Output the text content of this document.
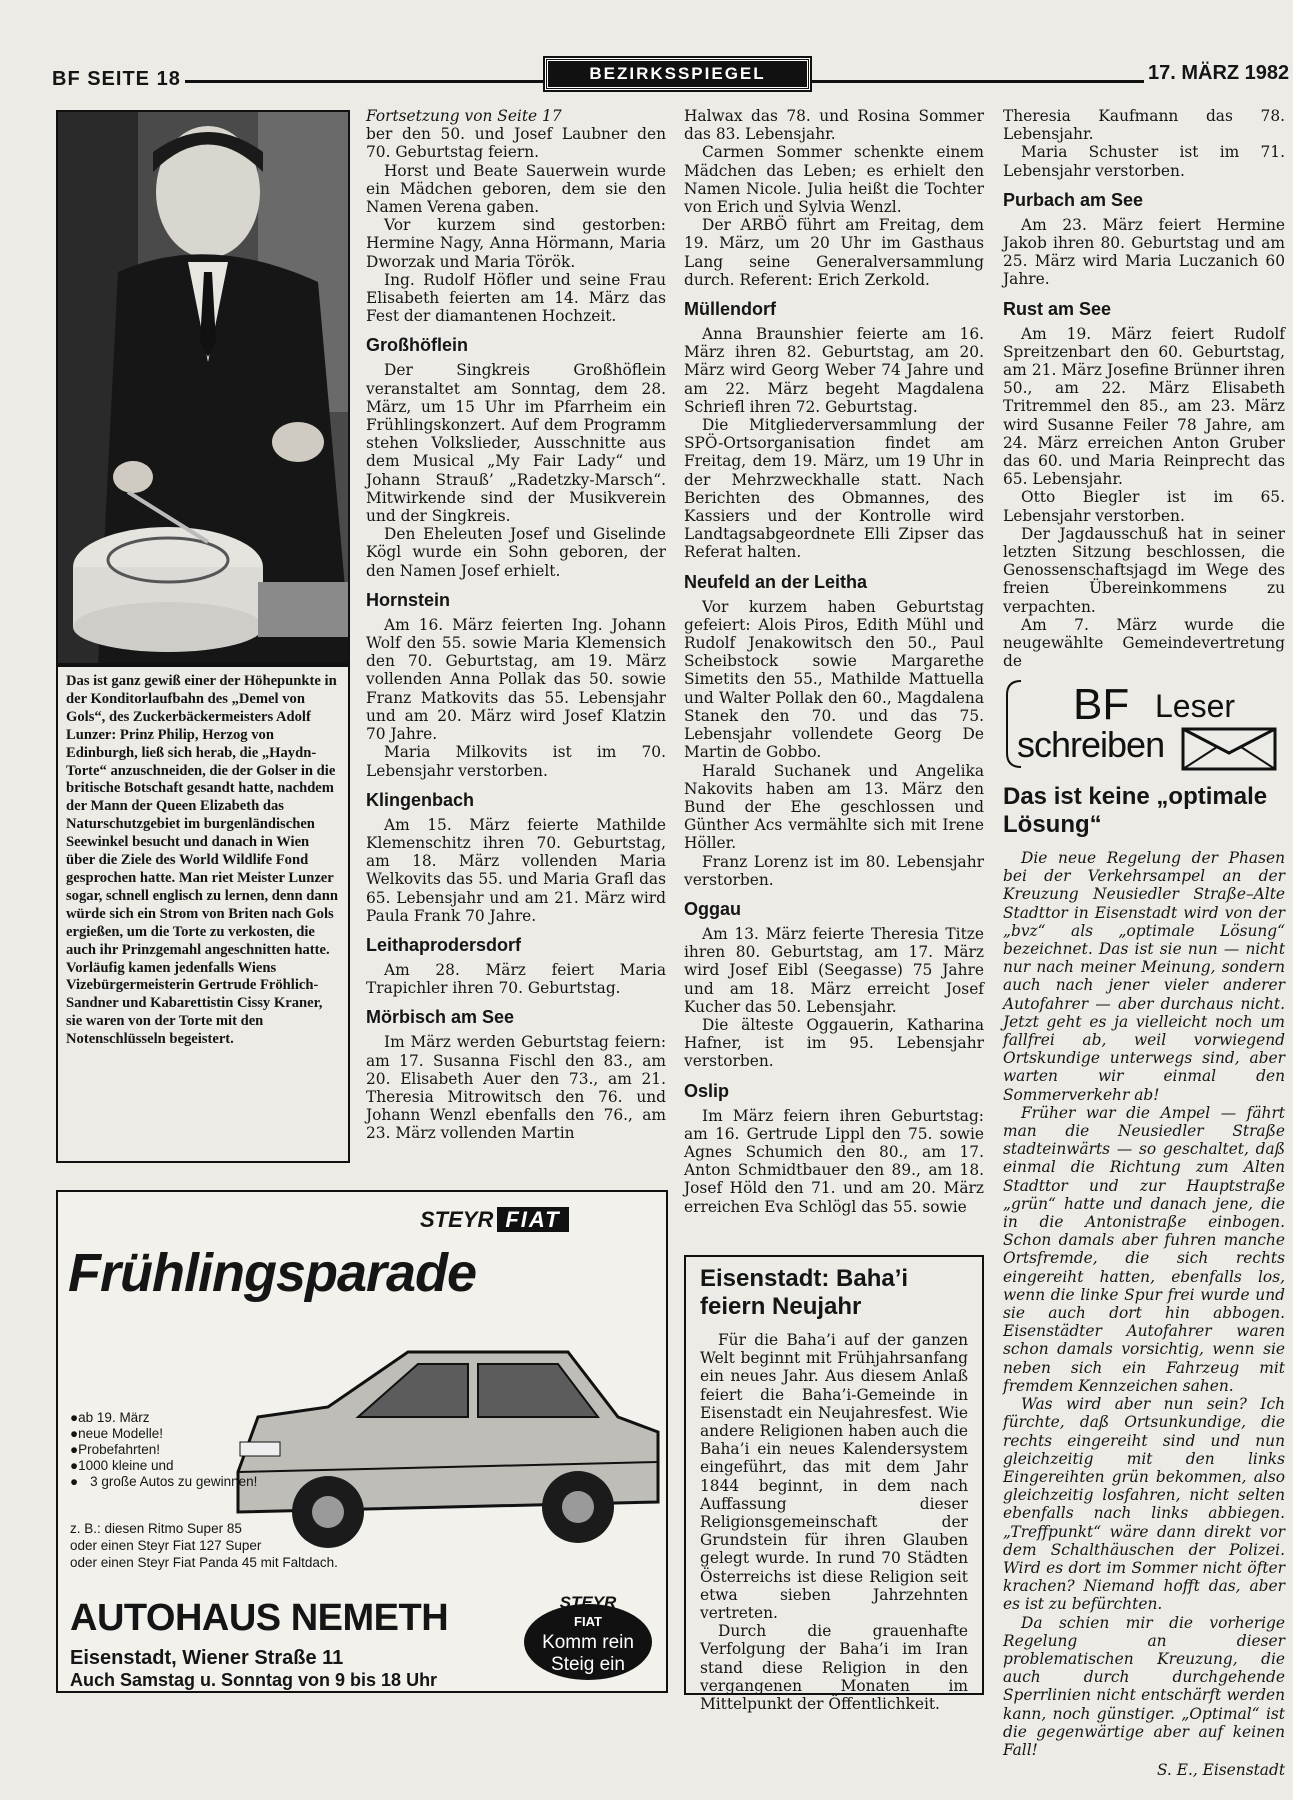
BF SEITE 18	BEZIRKSSPIEGEL	17. MÄRZ 1982
Das ist ganz gewiß einer der Höhepunkte in der Konditorlaufbahn des „Demel von Gols“, des Zuckerbäckermeisters Adolf Lunzer: Prinz Philip, Herzog von Edinburgh, ließ sich herab, die „Haydn-Torte“ anzuschneiden, die der Golser in die britische Botschaft gesandt hatte, nachdem der Mann der Queen Elizabeth das Naturschutzgebiet im burgenländischen Seewinkel besucht und danach in Wien über die Ziele des World Wildlife Fond gesprochen hatte. Man riet Meister Lunzer sogar, schnell englisch zu lernen, denn dann würde sich ein Strom von Briten nach Gols ergießen, um die Torte zu verkosten, die auch ihr Prinzgemahl angeschnitten hatte. Vorläufig kamen jedenfalls Wiens Vizebürgermeisterin Gertrude Fröhlich-Sandner und Kabarettistin Cissy Kraner, sie waren von der Torte mit den Notenschlüsseln begeistert.

Fortsetzung von Seite 17

ber den 50. und Josef Laubner den 70. Geburtstag feiern.

Horst und Beate Sauerwein wurde ein Mädchen geboren, dem sie den Namen Verena gaben.

Vor kurzem sind gestorben: Hermine Nagy, Anna Hörmann, Maria Dworzak und Maria Török.

Ing. Rudolf Höfler und seine Frau Elisabeth feierten am 14. März das Fest der diamantenen Hochzeit.

Großhöflein

Der Singkreis Großhöflein veranstaltet am Sonntag, dem 28. März, um 15 Uhr im Pfarrheim ein Frühlingskonzert. Auf dem Programm stehen Volkslieder, Ausschnitte aus dem Musical „My Fair Lady“ und Johann Strauß’ „Radetzky-Marsch“. Mitwirkende sind der Musikverein und der Singkreis.

Den Eheleuten Josef und Giselinde Kögl wurde ein Sohn geboren, der den Namen Josef erhielt.

Hornstein

Am 16. März feierten Ing. Johann Wolf den 55. sowie Maria Klemensich den 70. Geburtstag, am 19. März vollenden Anna Pollak das 50. sowie Franz Matkovits das 55. Lebensjahr und am 20. März wird Josef Klatzin 70 Jahre.

Maria Milkovits ist im 70. Lebensjahr verstorben.

Klingenbach

Am 15. März feierte Mathilde Klemenschitz ihren 70. Geburtstag, am 18. März vollenden Maria Welkovits das 55. und Maria Grafl das 65. Lebensjahr und am 21. März wird Paula Frank 70 Jahre.

Leithaprodersdorf

Am 28. März feiert Maria Trapichler ihren 70. Geburtstag.

Mörbisch am See

Im März werden Geburtstag feiern: am 17. Susanna Fischl den 83., am 20. Elisabeth Auer den 73., am 21. Theresia Mitrowitsch den 76. und Johann Wenzl ebenfalls den 76., am 23. März vollenden Martin

Halwax das 78. und Rosina Sommer das 83. Lebensjahr.

Carmen Sommer schenkte einem Mädchen das Leben; es erhielt den Namen Nicole. Julia heißt die Tochter von Erich und Sylvia Wenzl.

Der ARBÖ führt am Freitag, dem 19. März, um 20 Uhr im Gasthaus Lang seine Generalversammlung durch. Referent: Erich Zerkold.

Müllendorf

Anna Braunshier feierte am 16. März ihren 82. Geburtstag, am 20. März wird Georg Weber 74 Jahre und am 22. März begeht Magdalena Schriefl ihren 72. Geburtstag.

Die Mitgliederversammlung der SPÖ-Ortsorganisation findet am Freitag, dem 19. März, um 19 Uhr in der Mehrzweckhalle statt. Nach Berichten des Obmannes, des Kassiers und der Kontrolle wird Landtagsabgeordnete Elli Zipser das Referat halten.

Neufeld an der Leitha

Vor kurzem haben Geburtstag gefeiert: Alois Piros, Edith Mühl und Rudolf Jenakowitsch den 50., Paul Scheibstock sowie Margarethe Simetits den 55., Mathilde Mattuella und Walter Pollak den 60., Magdalena Stanek den 70. und das 75. Lebensjahr vollendete Georg De Martin de Gobbo.

Harald Suchanek und Angelika Nakovits haben am 13. März den Bund der Ehe geschlossen und Günther Acs vermählte sich mit Irene Höller.

Franz Lorenz ist im 80. Lebensjahr verstorben.

Oggau

Am 13. März feierte Theresia Titze ihren 80. Geburtstag, am 17. März wird Josef Eibl (Seegasse) 75 Jahre und am 18. März erreicht Josef Kucher das 50. Lebensjahr.

Die älteste Oggauerin, Katharina Hafner, ist im 95. Lebensjahr verstorben.

Oslip

Im März feiern ihren Geburtstag: am 16. Gertrude Lippl den 75. sowie Agnes Schumich den 80., am 17. Anton Schmidtbauer den 89., am 18. Josef Höld den 71. und am 20. März erreichen Eva Schlögl das 55. sowie

Theresia Kaufmann das 78. Lebensjahr.

Maria Schuster ist im 71. Lebensjahr verstorben.

Purbach am See

Am 23. März feiert Hermine Jakob ihren 80. Geburtstag und am 25. März wird Maria Luczanich 60 Jahre.

Rust am See

Am 19. März feiert Rudolf Spreitzenbart den 60. Geburtstag, am 21. März Josefine Brünner ihren 50., am 22. März Elisabeth Tritremmel den 85., am 23. März wird Susanne Feiler 78 Jahre, am 24. März erreichen Anton Gruber das 60. und Maria Reinprecht das 65. Lebensjahr.

Otto Biegler ist im 65. Lebensjahr verstorben.

Der Jagdausschuß hat in seiner letzten Sitzung beschlossen, die Genossenschaftsjagd im Wege des freien Übereinkommens zu verpachten.

Am 7. März wurde die neugewählte Gemeindevertretung de

BF Leser
schreiben
Das ist keine „optimale Lösung“

Die neue Regelung der Phasen bei der Verkehrsampel an der Kreuzung Neusiedler Straße–Alte Stadttor in Eisenstadt wird von der „bvz“ als „optimale Lösung“ bezeichnet. Das ist sie nun — nicht nur nach meiner Meinung, sondern auch nach jener vieler anderer Autofahrer — aber durchaus nicht. Jetzt geht es ja vielleicht noch um fallfrei ab, weil vorwiegend Ortskundige unterwegs sind, aber warten wir einmal den Sommerverkehr ab!

Früher war die Ampel — fährt man die Neusiedler Straße stadteinwärts — so geschaltet, daß einmal die Richtung zum Alten Stadttor und zur Hauptstraße „grün“ hatte und danach jene, die in die Antonistraße einbogen. Schon damals aber fuhren manche Ortsfremde, die sich rechts eingereiht hatten, ebenfalls los, wenn die linke Spur frei wurde und sie auch dort hin abbogen. Eisenstädter Autofahrer waren schon damals vorsichtig, wenn sie neben sich ein Fahrzeug mit fremdem Kennzeichen sahen.

Was wird aber nun sein? Ich fürchte, daß Ortsunkundige, die rechts eingereiht sind und nun gleichzeitig mit den links Eingereihten grün bekommen, also gleichzeitig losfahren, nicht selten ebenfalls nach links abbiegen. „Treffpunkt“ wäre dann direkt vor dem Schalthäuschen der Polizei. Wird es dort im Sommer nicht öfter krachen? Niemand hofft das, aber es ist zu befürchten.

Da schien mir die vorherige Regelung an dieser problematischen Kreuzung, die auch durch durchgehende Sperrlinien nicht entschärft werden kann, noch günstiger. „Optimal“ ist die gegenwärtige aber auf keinen Fall!

S. E., Eisenstadt
STEYR FIAT
Frühlingsparade
● ab 19. März
● neue Modelle!
● Probefahrten!
● 1000 kleine und
● 3 große Autos zu gewinnen!
z. B.: diesen Ritmo Super 85
oder einen Steyr Fiat 127 Super
oder einen Steyr Fiat Panda 45 mit Faltdach.
AUTOHAUS NEMETH
Eisenstadt, Wiener Straße 11
Auch Samstag u. Sonntag von 9 bis 18 Uhr
STEYR
FIAT
Komm rein
Steig ein
Eisenstadt: Baha’i feiern Neujahr

Für die Baha’i auf der ganzen Welt beginnt mit Frühjahrsanfang ein neues Jahr. Aus diesem Anlaß feiert die Baha’i-Gemeinde in Eisenstadt ein Neujahresfest. Wie andere Religionen haben auch die Baha’i ein neues Kalendersystem eingeführt, das mit dem Jahr 1844 beginnt, in dem nach Auffassung dieser Religionsgemeinschaft der Grundstein für ihren Glauben gelegt wurde. In rund 70 Städten Österreichs ist diese Religion seit etwa sieben Jahrzehnten vertreten.

Durch die grauenhafte Verfolgung der Baha’i im Iran stand diese Religion in den vergangenen Monaten im Mittelpunkt der Öffentlichkeit.
